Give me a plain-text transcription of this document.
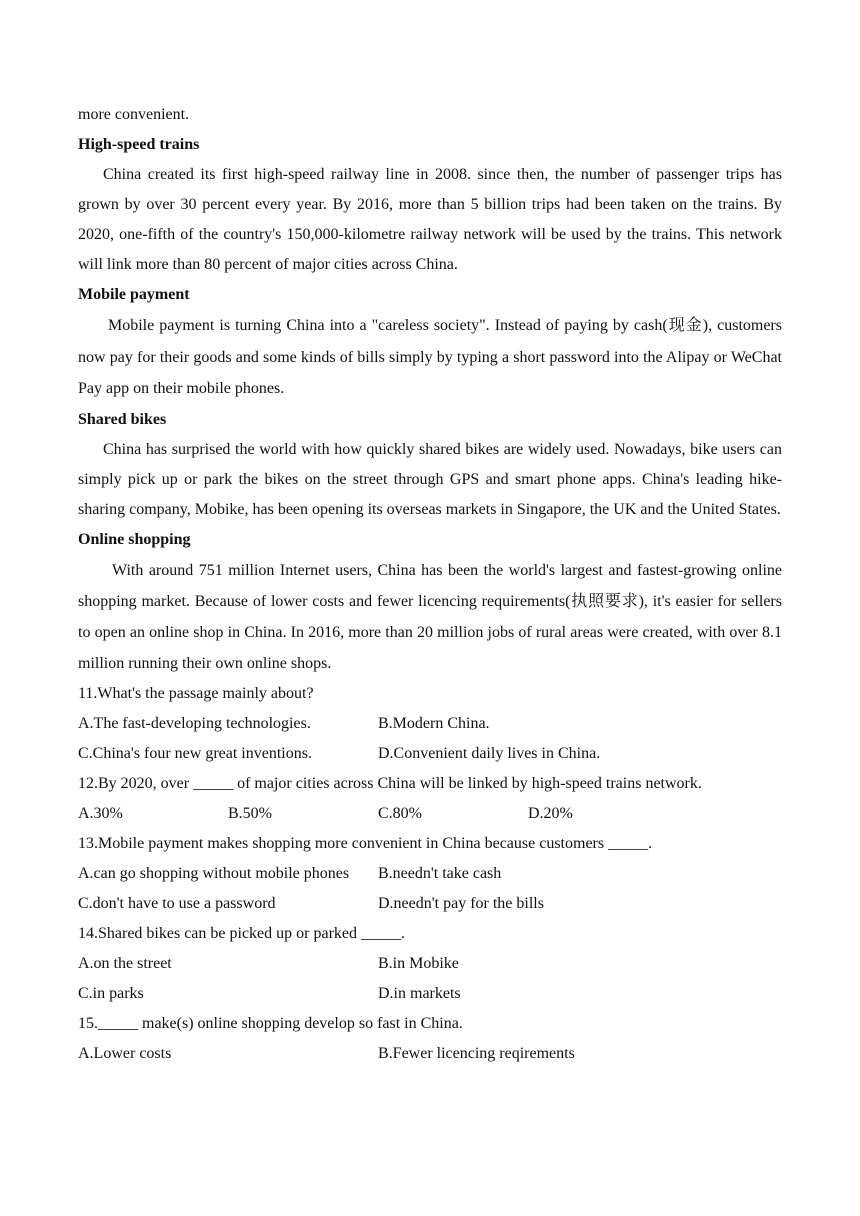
more convenient.
High-speed trains

China created its first high-speed railway line in 2008. since then, the number of passenger trips has grown by over 30 percent every year. By 2016, more than 5 billion trips had been taken on the trains. By 2020, one-fifth of the country's 150,000-kilometre railway network will be used by the trains. This network will link more than 80 percent of major cities across China.

Mobile payment

Mobile payment is turning China into a "careless society". Instead of paying by cash(现金), customers now pay for their goods and some kinds of bills simply by typing a short password into the Alipay or WeChat Pay app on their mobile phones.

Shared bikes

China has surprised the world with how quickly shared bikes are widely used. Nowadays, bike users can simply pick up or park the bikes on the street through GPS and smart phone apps. China's leading hike-sharing company, Mobike, has been opening its overseas markets in Singapore, the UK and the United States.

Online shopping

With around 751 million Internet users, China has been the world's largest and fastest-growing online shopping market. Because of lower costs and fewer licencing requirements(执照要求), it's easier for sellers to open an online shop in China. In 2016, more than 20 million jobs of rural areas were created, with over 8.1 million running their own online shops.

11.What's the passage mainly about?
A.The fast-developing technologies.	B.Modern China.
C.China's four new great inventions.	D.Convenient daily lives in China.
12.By 2020, over _____ of major cities across China will be linked by high-speed trains network.
A.30%	B.50%	C.80%	D.20%
13.Mobile payment makes shopping more convenient in China because customers _____.
A.can go shopping without mobile phones	B.needn't take cash
C.don't have to use a password	D.needn't pay for the bills
14.Shared bikes can be picked up or parked _____.
A.on the street	B.in Mobike
C.in parks	D.in markets
15._____ make(s) online shopping develop so fast in China.
A.Lower costs	B.Fewer licencing reqirements
